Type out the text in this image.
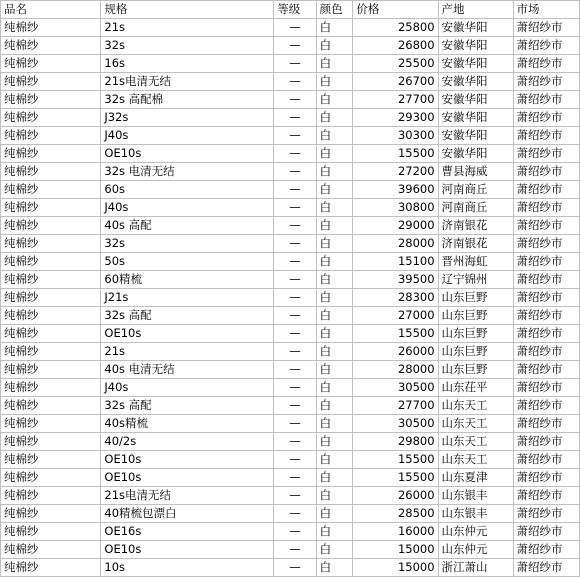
品名	规格	等级	颜色	价格	产地	市场
纯棉纱	21s	—	白	25800	安徽华阳	萧绍纱市
纯棉纱	32s	—	白	26800	安徽华阳	萧绍纱市
纯棉纱	16s	—	白	25500	安徽华阳	萧绍纱市
纯棉纱	21s电清无结	—	白	26700	安徽华阳	萧绍纱市
纯棉纱	32s 高配棉	—	白	27700	安徽华阳	萧绍纱市
纯棉纱	J32s	—	白	29300	安徽华阳	萧绍纱市
纯棉纱	J40s	—	白	30300	安徽华阳	萧绍纱市
纯棉纱	OE10s	—	白	15500	安徽华阳	萧绍纱市
纯棉纱	32s 电清无结	—	白	27200	曹县海威	萧绍纱市
纯棉纱	60s	—	白	39600	河南商丘	萧绍纱市
纯棉纱	J40s	—	白	30800	河南商丘	萧绍纱市
纯棉纱	40s 高配	—	白	29000	济南银花	萧绍纱市
纯棉纱	32s	—	白	28000	济南银花	萧绍纱市
纯棉纱	50s	—	白	15100	晋州海虹	萧绍纱市
纯棉纱	60精梳	—	白	39500	辽宁锦州	萧绍纱市
纯棉纱	J21s	—	白	28300	山东巨野	萧绍纱市
纯棉纱	32s 高配	—	白	27000	山东巨野	萧绍纱市
纯棉纱	OE10s	—	白	15500	山东巨野	萧绍纱市
纯棉纱	21s	—	白	26000	山东巨野	萧绍纱市
纯棉纱	40s 电清无结	—	白	28000	山东巨野	萧绍纱市
纯棉纱	J40s	—	白	30500	山东茌平	萧绍纱市
纯棉纱	32s 高配	—	白	27700	山东天工	萧绍纱市
纯棉纱	40s精梳	—	白	30500	山东天工	萧绍纱市
纯棉纱	40/2s	—	白	29800	山东天工	萧绍纱市
纯棉纱	OE10s	—	白	15500	山东天工	萧绍纱市
纯棉纱	OE10s	—	白	15500	山东夏津	萧绍纱市
纯棉纱	21s电清无结	—	白	26000	山东银丰	萧绍纱市
纯棉纱	40精梳包漂白	—	白	28500	山东银丰	萧绍纱市
纯棉纱	OE16s	—	白	16000	山东仲元	萧绍纱市
纯棉纱	OE10s	—	白	15000	山东仲元	萧绍纱市
纯棉纱	10s	—	白	15000	浙江萧山	萧绍纱市
